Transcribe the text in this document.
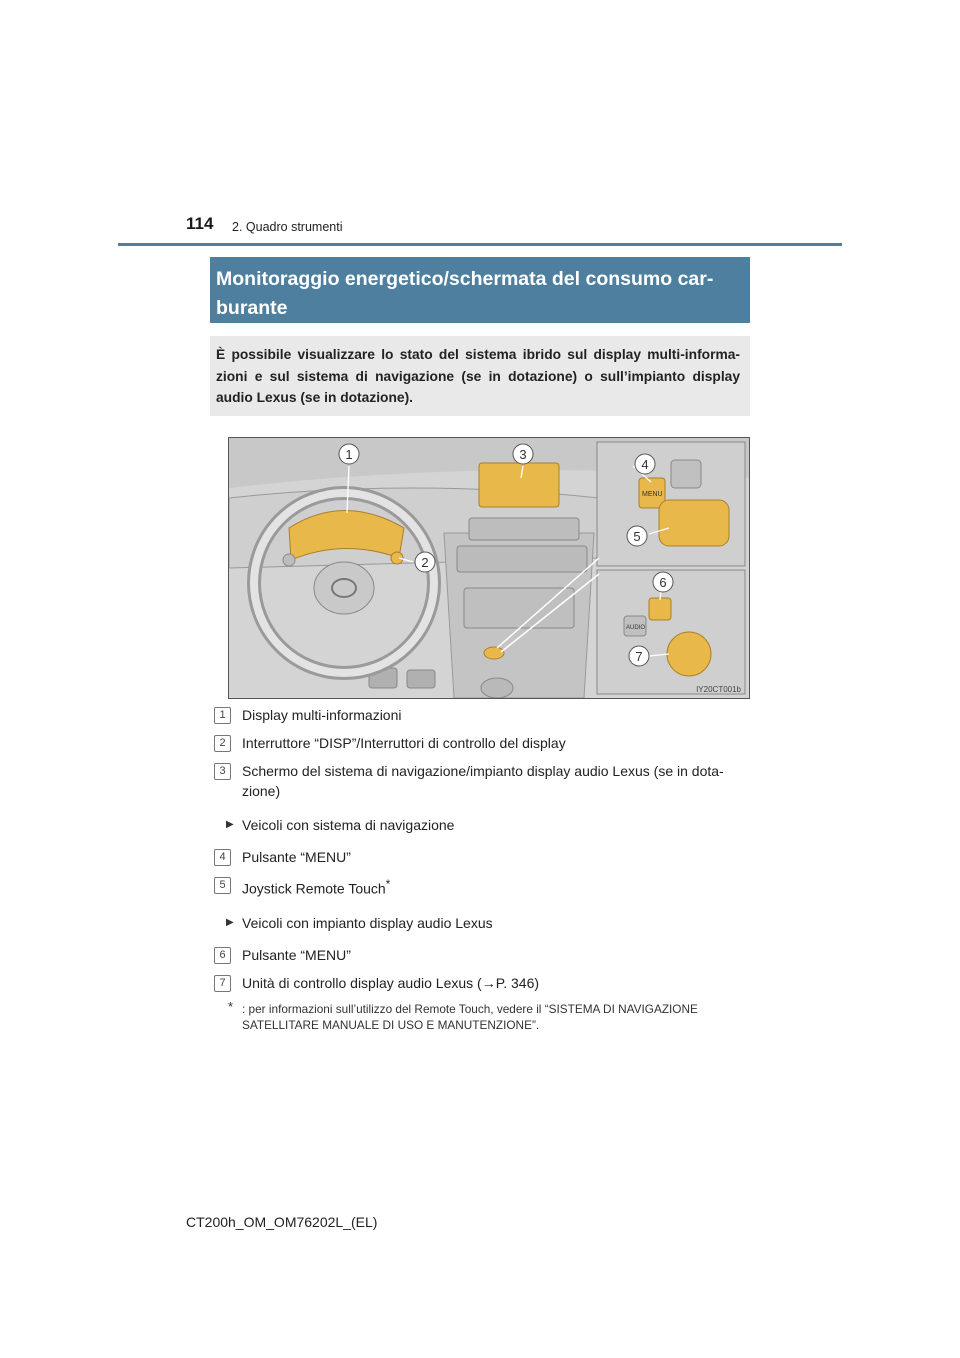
114 2. Quadro strumenti
Monitoraggio energetico/schermata del consumo car-
burante
È possibile visualizzare lo stato del sistema ibrido sul display multi-informa-zioni e sul sistema di navigazione (se in dotazione) o sull’impianto display audio Lexus (se in dotazione).
MENU
AUDIO
1	3
2
4
5
6
7
IY20CT001b
1	Display multi-informazioni
2	Interruttore “DISP”/Interruttori di controllo del display
3	Schermo del sistema di navigazione/impianto display audio Lexus (se in dota-zione)
▶ Veicoli con sistema di navigazione
4	Pulsante “MENU”
5	Joystick Remote Touch*
▶ Veicoli con impianto display audio Lexus
6	Pulsante “MENU”
7	Unità di controllo display audio Lexus (→P. 346)
* : per informazioni sull’utilizzo del Remote Touch, vedere il “SISTEMA DI NAVIGAZIONE
SATELLITARE MANUALE DI USO E MANUTENZIONE”.
CT200h_OM_OM76202L_(EL)
